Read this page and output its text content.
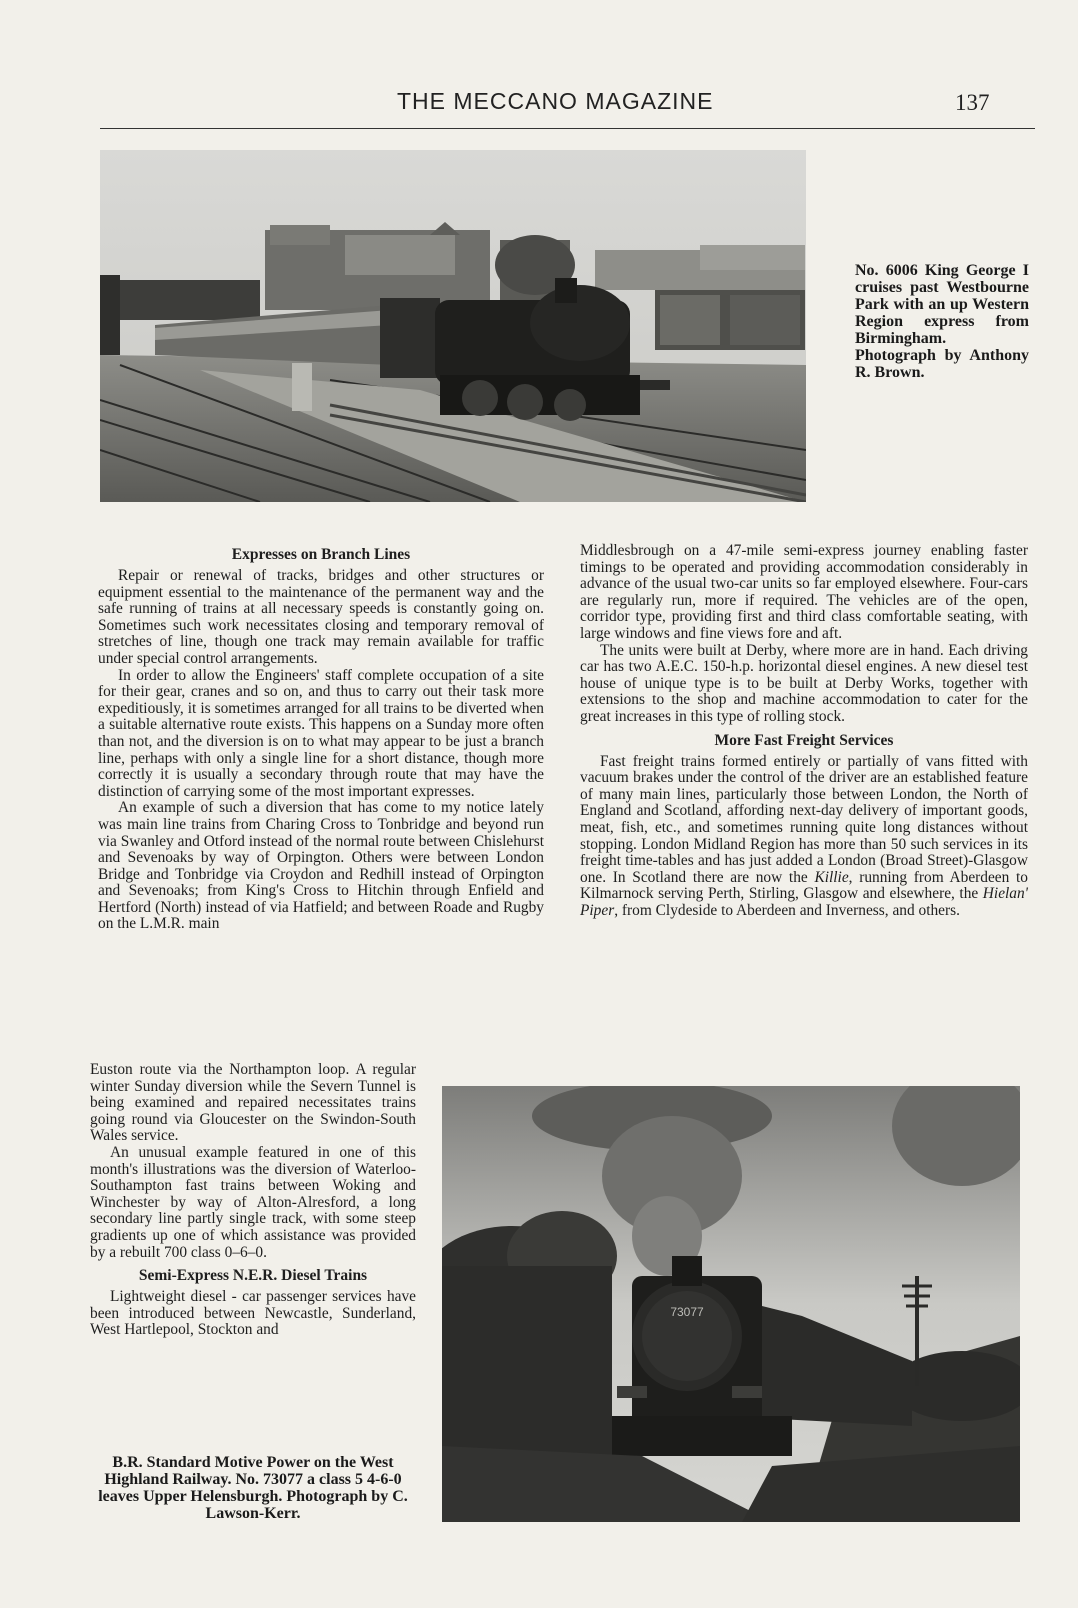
THE MECCANO MAGAZINE	137
No. 6006 King George I cruises past Westbourne Park with an up Western Region express from Birmingham. Photograph by Anthony R. Brown.
Expresses on Branch Lines

Repair or renewal of tracks, bridges and other structures or equipment essential to the maintenance of the permanent way and the safe running of trains at all necessary speeds is constantly going on. Sometimes such work necessitates closing and temporary removal of stretches of line, though one track may remain available for traffic under special control arrangements.

In order to allow the Engineers' staff complete occupation of a site for their gear, cranes and so on, and thus to carry out their task more expeditiously, it is sometimes arranged for all trains to be diverted when a suitable alternative route exists. This happens on a Sunday more often than not, and the diversion is on to what may appear to be just a branch line, perhaps with only a single line for a short distance, though more correctly it is usually a secondary through route that may have the distinction of carrying some of the most important expresses.

An example of such a diversion that has come to my notice lately was main line trains from Charing Cross to Tonbridge and beyond run via Swanley and Otford instead of the normal route between Chislehurst and Sevenoaks by way of Orpington. Others were between London Bridge and Tonbridge via Croydon and Redhill instead of Orpington and Sevenoaks; from King's Cross to Hitchin through Enfield and Hertford (North) instead of via Hatfield; and between Roade and Rugby on the L.M.R. main

Euston route via the Northampton loop. A regular winter Sunday diversion while the Severn Tunnel is being examined and repaired necessitates trains going round via Gloucester on the Swindon-South Wales service.

An unusual example featured in one of this month's illustrations was the diversion of Waterloo-Southampton fast trains between Woking and Winchester by way of Alton-Alresford, a long secondary line partly single track, with some steep gradients up one of which assistance was provided by a rebuilt 700 class 0–6–0.

Semi-Express N.E.R. Diesel Trains

Lightweight diesel - car passenger services have been introduced between Newcastle, Sunderland, West Hartlepool, Stockton and

Middlesbrough on a 47-mile semi-express journey enabling faster timings to be operated and providing accommodation considerably in advance of the usual two-car units so far employed elsewhere. Four-cars are regularly run, more if required. The vehicles are of the open, corridor type, providing first and third class comfortable seating, with large windows and fine views fore and aft.

The units were built at Derby, where more are in hand. Each driving car has two A.E.C. 150-h.p. horizontal diesel engines. A new diesel test house of unique type is to be built at Derby Works, together with extensions to the shop and machine accommodation to cater for the great increases in this type of rolling stock.

More Fast Freight Services

Fast freight trains formed entirely or partially of vans fitted with vacuum brakes under the control of the driver are an established feature of many main lines, particularly those between London, the North of England and Scotland, affording next-day delivery of important goods, meat, fish, etc., and sometimes running quite long distances without stopping. London Midland Region has more than 50 such services in its freight time-tables and has just added a London (Broad Street)-Glasgow one. In Scotland there are now the Killie, running from Aberdeen to Kilmarnock serving Perth, Stirling, Glasgow and elsewhere, the Hielan' Piper, from Clydeside to Aberdeen and Inverness, and others.

73077
B.R. Standard Motive Power on the West Highland Railway. No. 73077 a class 5 4-6-0 leaves Upper Helensburgh. Photograph by C. Lawson-Kerr.
